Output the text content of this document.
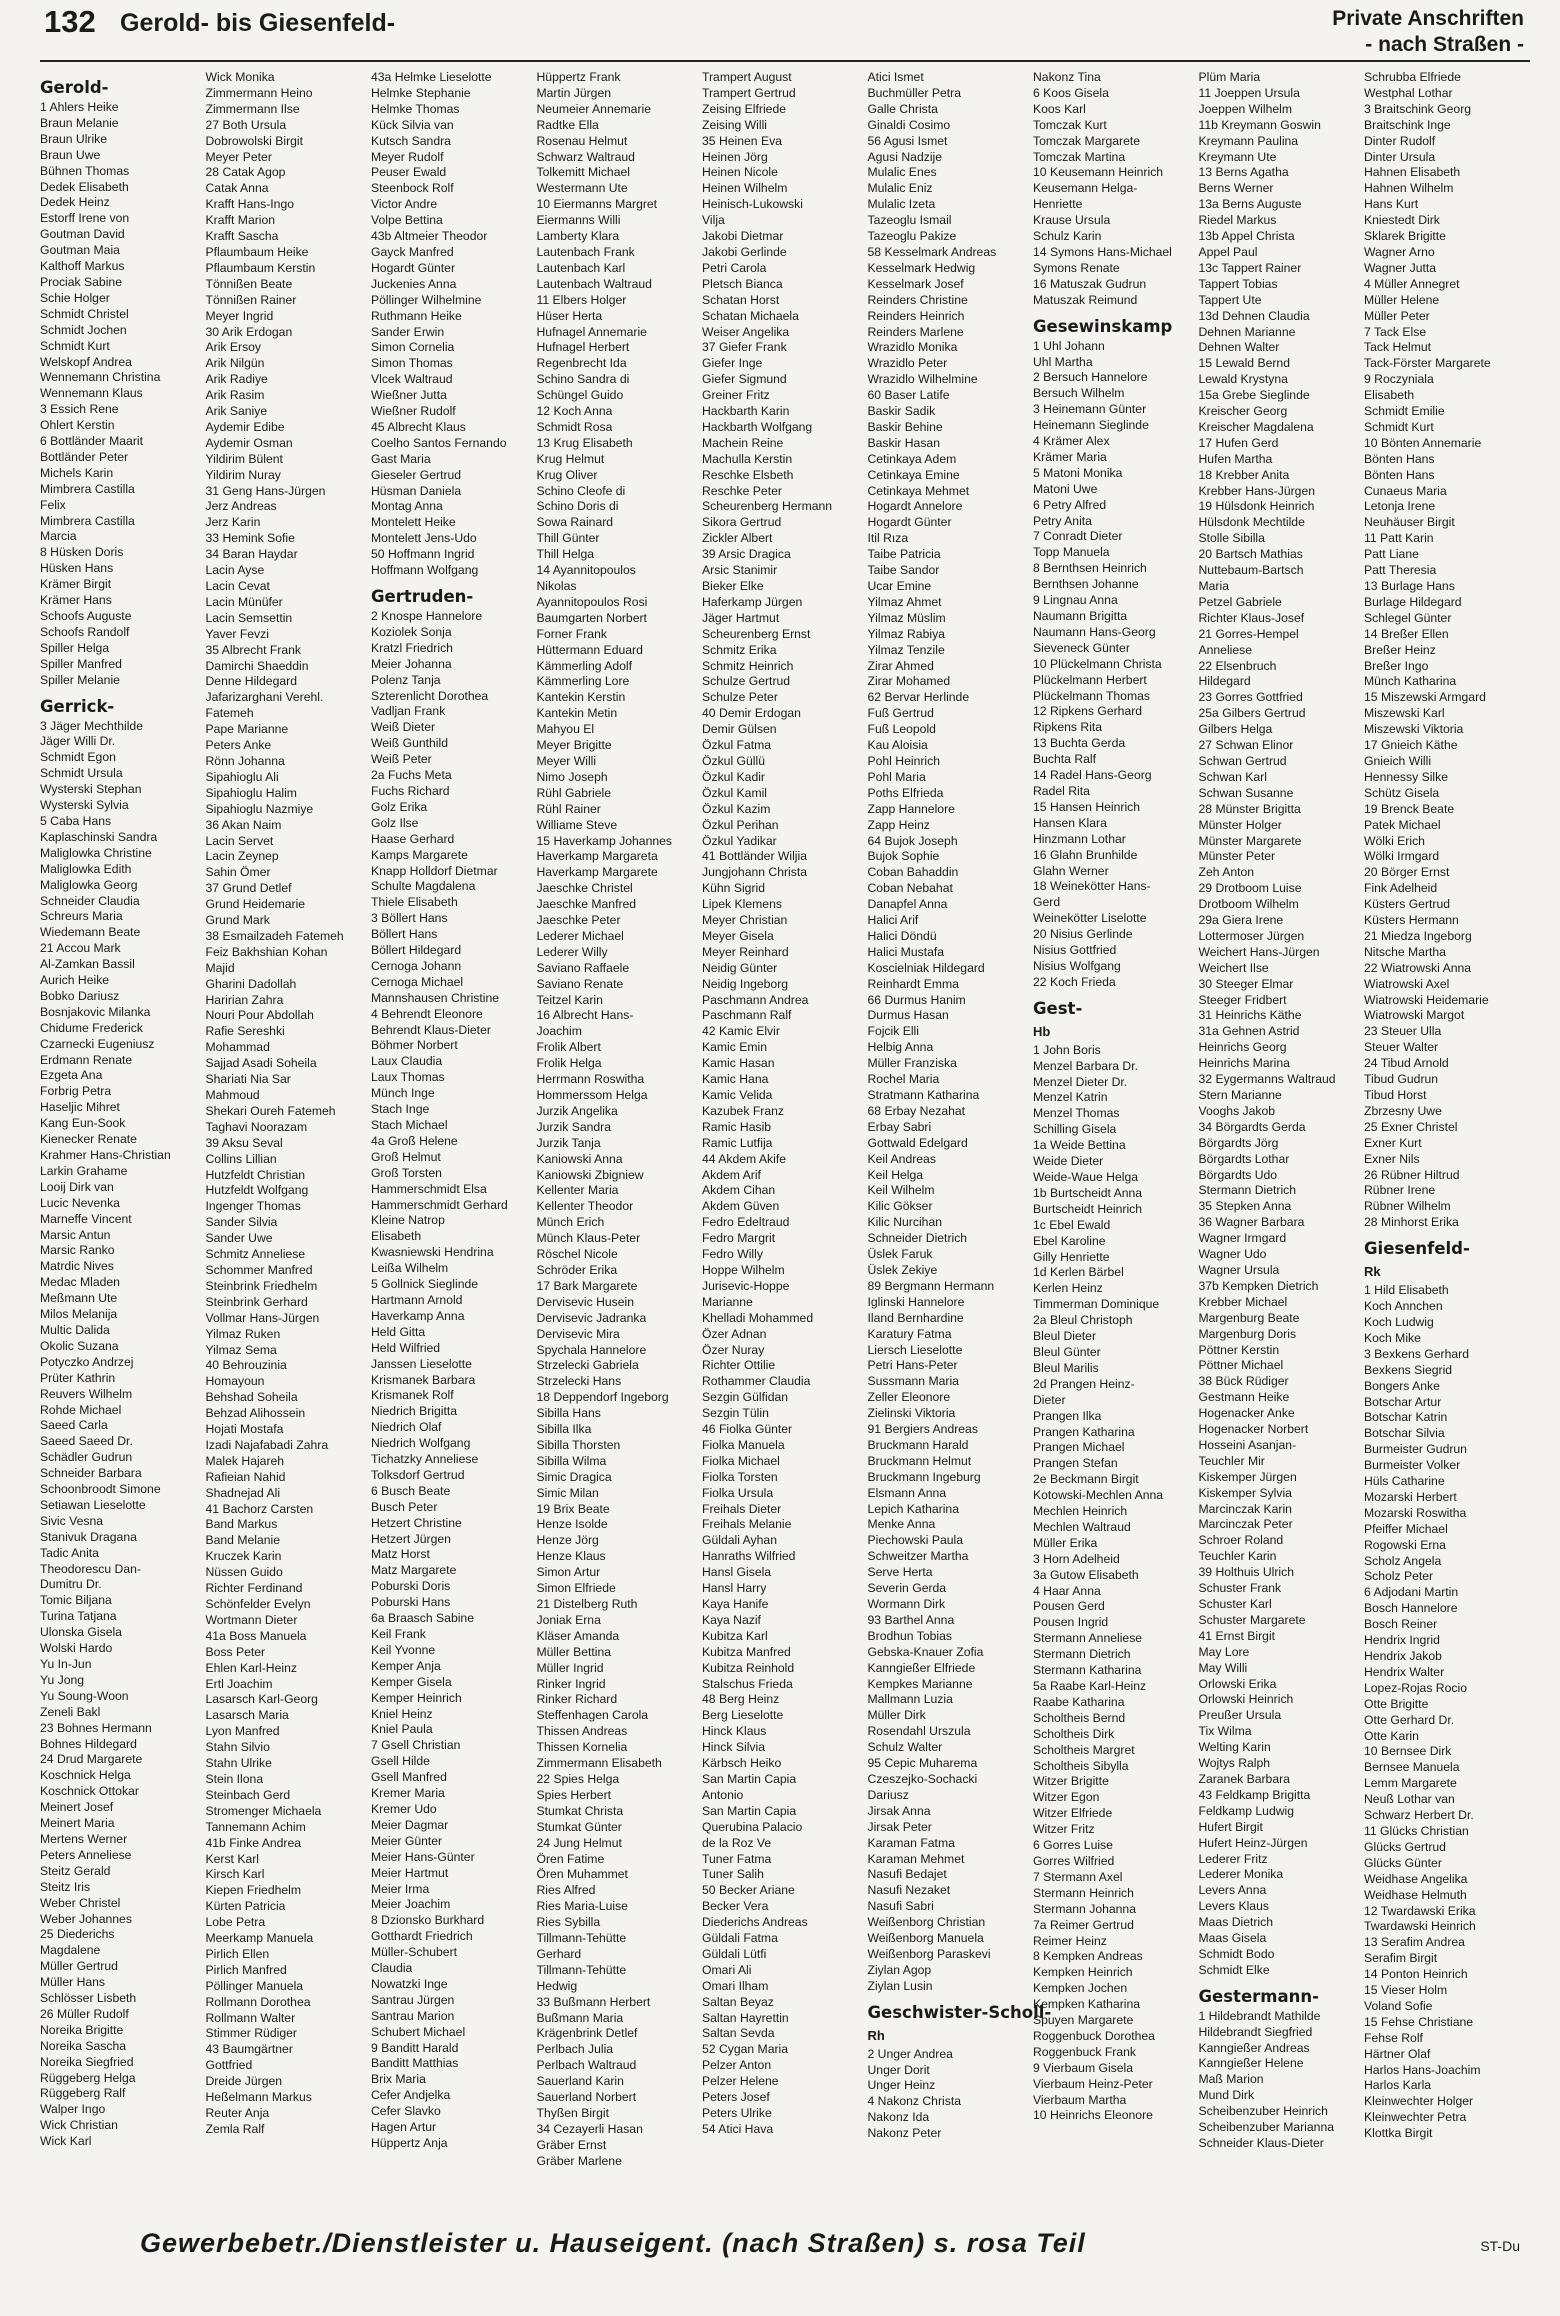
132 Gerold- bis Giesenfeld-	Private Anschriften
- nach Straßen -
Gerold-
1 Ahlers Heike
Braun Melanie
Braun Ulrike
Braun Uwe
Bühnen Thomas
Dedek Elisabeth
Dedek Heinz
Estorff Irene von
Goutman David
Goutman Maia
Kalthoff Markus
Prociak Sabine
Schie Holger
Schmidt Christel
Schmidt Jochen
Schmidt Kurt
Welskopf Andrea
Wennemann Christina
Wennemann Klaus
3 Essich Rene
Ohlert Kerstin
6 Bottländer Maarit
Bottländer Peter
Michels Karin
Mimbrera Castilla
Felix
Mimbrera Castilla
Marcia
8 Hüsken Doris
Hüsken Hans
Krämer Birgit
Krämer Hans
Schoofs Auguste
Schoofs Randolf
Spiller Helga
Spiller Manfred
Spiller Melanie
Gerrick-
3 Jäger Mechthilde
Jäger Willi Dr.
Schmidt Egon
Schmidt Ursula
Wysterski Stephan
Wysterski Sylvia
5 Caba Hans
Kaplaschinski Sandra
Maliglowka Christine
Maliglowka Edith
Maliglowka Georg
Schneider Claudia
Schreurs Maria
Wiedemann Beate
21 Accou Mark
Al-Zamkan Bassil
Aurich Heike
Bobko Dariusz
Bosnjakovic Milanka
Chidume Frederick
Czarnecki Eugeniusz
Erdmann Renate
Ezgeta Ana
Forbrig Petra
Haseljic Mihret
Kang Eun-Sook
Kienecker Renate
Krahmer Hans-Christian
Larkin Grahame
Looij Dirk van
Lucic Nevenka
Marneffe Vincent
Marsic Antun
Marsic Ranko
Matrdic Nives
Medac Mladen
Meßmann Ute
Milos Melanija
Multic Dalida
Okolic Suzana
Potyczko Andrzej
Prüter Kathrin
Reuvers Wilhelm
Rohde Michael
Saeed Carla
Saeed Saeed Dr.
Schädler Gudrun
Schneider Barbara
Schoonbroodt Simone
Setiawan Lieselotte
Sivic Vesna
Stanivuk Dragana
Tadic Anita
Theodorescu Dan-
Dumitru Dr.
Tomic Biljana
Turina Tatjana
Ulonska Gisela
Wolski Hardo
Yu In-Jun
Yu Jong
Yu Soung-Woon
Zeneli Bakl
23 Bohnes Hermann
Bohnes Hildegard
24 Drud Margarete
Koschnick Helga
Koschnick Ottokar
Meinert Josef
Meinert Maria
Mertens Werner
Peters Anneliese
Steitz Gerald
Steitz Iris
Weber Christel
Weber Johannes
25 Diederichs
Magdalene
Müller Gertrud
Müller Hans
Schlösser Lisbeth
26 Müller Rudolf
Noreika Brigitte
Noreika Sascha
Noreika Siegfried
Rüggeberg Helga
Rüggeberg Ralf
Walper Ingo
Wick Christian
Wick Karl
Wick Monika
Zimmermann Heino
Zimmermann Ilse
27 Both Ursula
Dobrowolski Birgit
Meyer Peter
28 Catak Agop
Catak Anna
Krafft Hans-Ingo
Krafft Marion
Krafft Sascha
Pflaumbaum Heike
Pflaumbaum Kerstin
Tönnißen Beate
Tönnißen Rainer
Meyer Ingrid
30 Arik Erdogan
Arik Ersoy
Arik Nilgün
Arik Radiye
Arik Rasim
Arik Saniye
Aydemir Edibe
Aydemir Osman
Yildirim Bülent
Yildirim Nuray
31 Geng Hans-Jürgen
Jerz Andreas
Jerz Karin
33 Hemink Sofie
34 Baran Haydar
Lacin Ayse
Lacin Cevat
Lacin Münüfer
Lacin Semsettin
Yaver Fevzi
35 Albrecht Frank
Damirchi Shaeddin
Denne Hildegard
Jafarizarghani Verehl.
Fatemeh
Pape Marianne
Peters Anke
Rönn Johanna
Sipahioglu Ali
Sipahioglu Halim
Sipahioglu Nazmiye
36 Akan Naim
Lacin Servet
Lacin Zeynep
Sahin Ömer
37 Grund Detlef
Grund Heidemarie
Grund Mark
38 Esmailzadeh Fatemeh
Feiz Bakhshian Kohan
Majid
Gharini Dadollah
Haririan Zahra
Nouri Pour Abdollah
Rafie Sereshki
Mohammad
Sajjad Asadi Soheila
Shariati Nia Sar
Mahmoud
Shekari Oureh Fatemeh
Taghavi Noorazam
39 Aksu Seval
Collins Lillian
Hutzfeldt Christian
Hutzfeldt Wolfgang
Ingenger Thomas
Sander Silvia
Sander Uwe
Schmitz Anneliese
Schommer Manfred
Steinbrink Friedhelm
Steinbrink Gerhard
Vollmar Hans-Jürgen
Yilmaz Ruken
Yilmaz Sema
40 Behrouzinia
Homayoun
Behshad Soheila
Behzad Alihossein
Hojati Mostafa
Izadi Najafabadi Zahra
Malek Hajareh
Rafieian Nahid
Shadnejad Ali
41 Bachorz Carsten
Band Markus
Band Melanie
Kruczek Karin
Nüssen Guido
Richter Ferdinand
Schönfelder Evelyn
Wortmann Dieter
41a Boss Manuela
Boss Peter
Ehlen Karl-Heinz
Ertl Joachim
Lasarsch Karl-Georg
Lasarsch Maria
Lyon Manfred
Stahn Silvio
Stahn Ulrike
Stein Ilona
Steinbach Gerd
Stromenger Michaela
Tannemann Achim
41b Finke Andrea
Kerst Karl
Kirsch Karl
Kiepen Friedhelm
Kürten Patricia
Lobe Petra
Meerkamp Manuela
Pirlich Ellen
Pirlich Manfred
Pöllinger Manuela
Rollmann Dorothea
Rollmann Walter
Stimmer Rüdiger
43 Baumgärtner
Gottfried
Dreide Jürgen
Heßelmann Markus
Reuter Anja
Zemla Ralf
43a Helmke Lieselotte
Helmke Stephanie
Helmke Thomas
Kück Silvia van
Kutsch Sandra
Meyer Rudolf
Peuser Ewald
Steenbock Rolf
Victor Andre
Volpe Bettina
43b Altmeier Theodor
Gayck Manfred
Hogardt Günter
Juckenies Anna
Pöllinger Wilhelmine
Ruthmann Heike
Sander Erwin
Simon Cornelia
Simon Thomas
Vlcek Waltraud
Wießner Jutta
Wießner Rudolf
45 Albrecht Klaus
Coelho Santos Fernando
Gast Maria
Gieseler Gertrud
Hüsman Daniela
Montag Anna
Montelett Heike
Montelett Jens-Udo
50 Hoffmann Ingrid
Hoffmann Wolfgang
Gertruden-
2 Knospe Hannelore
Koziolek Sonja
Kratzl Friedrich
Meier Johanna
Polenz Tanja
Szterenlicht Dorothea
Vadljan Frank
Weiß Dieter
Weiß Gunthild
Weiß Peter
2a Fuchs Meta
Fuchs Richard
Golz Erika
Golz Ilse
Haase Gerhard
Kamps Margarete
Knapp Holldorf Dietmar
Schulte Magdalena
Thiele Elisabeth
3 Böllert Hans
Böllert Hans
Böllert Hildegard
Cernoga Johann
Cernoga Michael
Mannshausen Christine
4 Behrendt Eleonore
Behrendt Klaus-Dieter
Böhmer Norbert
Laux Claudia
Laux Thomas
Münch Inge
Stach Inge
Stach Michael
4a Groß Helene
Groß Helmut
Groß Torsten
Hammerschmidt Elsa
Hammerschmidt Gerhard
Kleine Natrop
Elisabeth
Kwasniewski Hendrina
Leißa Wilhelm
5 Gollnick Sieglinde
Hartmann Arnold
Haverkamp Anna
Held Gitta
Held Wilfried
Janssen Lieselotte
Krismanek Barbara
Krismanek Rolf
Niedrich Brigitta
Niedrich Olaf
Niedrich Wolfgang
Tichatzky Anneliese
Tolksdorf Gertrud
6 Busch Beate
Busch Peter
Hetzert Christine
Hetzert Jürgen
Matz Horst
Matz Margarete
Poburski Doris
Poburski Hans
6a Braasch Sabine
Keil Frank
Keil Yvonne
Kemper Anja
Kemper Gisela
Kemper Heinrich
Kniel Heinz
Kniel Paula
7 Gsell Christian
Gsell Hilde
Gsell Manfred
Kremer Maria
Kremer Udo
Meier Dagmar
Meier Günter
Meier Hans-Günter
Meier Hartmut
Meier Irma
Meier Joachim
8 Dzionsko Burkhard
Gotthardt Friedrich
Müller-Schubert
Claudia
Nowatzki Inge
Santrau Jürgen
Santrau Marion
Schubert Michael
9 Banditt Harald
Banditt Matthias
Brix Maria
Cefer Andjelka
Cefer Slavko
Hagen Artur
Hüppertz Anja
Hüppertz Frank
Martin Jürgen
Neumeier Annemarie
Radtke Ella
Rosenau Helmut
Schwarz Waltraud
Tolkemitt Michael
Westermann Ute
10 Eiermanns Margret
Eiermanns Willi
Lamberty Klara
Lautenbach Frank
Lautenbach Karl
Lautenbach Waltraud
11 Elbers Holger
Hüser Herta
Hufnagel Annemarie
Hufnagel Herbert
Regenbrecht Ida
Schino Sandra di
Schüngel Guido
12 Koch Anna
Schmidt Rosa
13 Krug Elisabeth
Krug Helmut
Krug Oliver
Schino Cleofe di
Schino Doris di
Sowa Rainard
Thill Günter
Thill Helga
14 Ayannitopoulos
Nikolas
Ayannitopoulos Rosi
Baumgarten Norbert
Forner Frank
Hüttermann Eduard
Kämmerling Adolf
Kämmerling Lore
Kantekin Kerstin
Kantekin Metin
Mahyou El
Meyer Brigitte
Meyer Willi
Nimo Joseph
Rühl Gabriele
Rühl Rainer
Williame Steve
15 Haverkamp Johannes
Haverkamp Margareta
Haverkamp Margarete
Jaeschke Christel
Jaeschke Manfred
Jaeschke Peter
Lederer Michael
Lederer Willy
Saviano Raffaele
Saviano Renate
Teitzel Karin
16 Albrecht Hans-
Joachim
Frolik Albert
Frolik Helga
Herrmann Roswitha
Hommerssom Helga
Jurzik Angelika
Jurzik Sandra
Jurzik Tanja
Kaniowski Anna
Kaniowski Zbigniew
Kellenter Maria
Kellenter Theodor
Münch Erich
Münch Klaus-Peter
Röschel Nicole
Schröder Erika
17 Bark Margarete
Dervisevic Husein
Dervisevic Jadranka
Dervisevic Mira
Spychala Hannelore
Strzelecki Gabriela
Strzelecki Hans
18 Deppendorf Ingeborg
Sibilla Hans
Sibilla Ilka
Sibilla Thorsten
Sibilla Wilma
Simic Dragica
Simic Milan
19 Brix Beate
Henze Isolde
Henze Jörg
Henze Klaus
Simon Artur
Simon Elfriede
21 Distelberg Ruth
Joniak Erna
Kläser Amanda
Müller Bettina
Müller Ingrid
Rinker Ingrid
Rinker Richard
Steffenhagen Carola
Thissen Andreas
Thissen Kornelia
Zimmermann Elisabeth
22 Spies Helga
Spies Herbert
Stumkat Christa
Stumkat Günter
24 Jung Helmut
Ören Fatime
Ören Muhammet
Ries Alfred
Ries Maria-Luise
Ries Sybilla
Tillmann-Tehütte
Gerhard
Tillmann-Tehütte
Hedwig
33 Bußmann Herbert
Bußmann Maria
Krägenbrink Detlef
Perlbach Julia
Perlbach Waltraud
Sauerland Karin
Sauerland Norbert
Thyßen Birgit
34 Cezayerli Hasan
Gräber Ernst
Gräber Marlene
Trampert August
Trampert Gertrud
Zeising Elfriede
Zeising Willi
35 Heinen Eva
Heinen Jörg
Heinen Nicole
Heinen Wilhelm
Heinisch-Lukowski
Vilja
Jakobi Dietmar
Jakobi Gerlinde
Petri Carola
Pletsch Bianca
Schatan Horst
Schatan Michaela
Weiser Angelika
37 Giefer Frank
Giefer Inge
Giefer Sigmund
Greiner Fritz
Hackbarth Karin
Hackbarth Wolfgang
Machein Reine
Machulla Kerstin
Reschke Elsbeth
Reschke Peter
Scheurenberg Hermann
Sikora Gertrud
Zickler Albert
39 Arsic Dragica
Arsic Stanimir
Bieker Elke
Haferkamp Jürgen
Jäger Hartmut
Scheurenberg Ernst
Schmitz Erika
Schmitz Heinrich
Schulze Gertrud
Schulze Peter
40 Demir Erdogan
Demir Gülsen
Özkul Fatma
Özkul Güllü
Özkul Kadir
Özkul Kamil
Özkul Kazim
Özkul Perihan
Özkul Yadikar
41 Bottländer Wiljia
Jungjohann Christa
Kühn Sigrid
Lipek Klemens
Meyer Christian
Meyer Gisela
Meyer Reinhard
Neidig Günter
Neidig Ingeborg
Paschmann Andrea
Paschmann Ralf
42 Kamic Elvir
Kamic Emin
Kamic Hasan
Kamic Hana
Kamic Velida
Kazubek Franz
Ramic Hasib
Ramic Lutfija
44 Akdem Akife
Akdem Arif
Akdem Cihan
Akdem Güven
Fedro Edeltraud
Fedro Margrit
Fedro Willy
Hoppe Wilhelm
Jurisevic-Hoppe
Marianne
Khelladi Mohammed
Özer Adnan
Özer Nuray
Richter Ottilie
Rothammer Claudia
Sezgin Gülfidan
Sezgin Tülin
46 Fiolka Günter
Fiolka Manuela
Fiolka Michael
Fiolka Torsten
Fiolka Ursula
Freihals Dieter
Freihals Melanie
Güldali Ayhan
Hanraths Wilfried
Hansl Gisela
Hansl Harry
Kaya Hanife
Kaya Nazif
Kubitza Karl
Kubitza Manfred
Kubitza Reinhold
Stalschus Frieda
48 Berg Heinz
Berg Lieselotte
Hinck Klaus
Hinck Silvia
Kärbsch Heiko
San Martin Capia
Antonio
San Martin Capia
Querubina Palacio
de la Roz Ve
Tuner Fatma
Tuner Salih
50 Becker Ariane
Becker Vera
Diederichs Andreas
Güldali Fatma
Güldali Lütfi
Omari Ali
Omari Ilham
Saltan Beyaz
Saltan Hayrettin
Saltan Sevda
52 Cygan Maria
Pelzer Anton
Pelzer Helene
Peters Josef
Peters Ulrike
54 Atici Hava
Atici Ismet
Buchmüller Petra
Galle Christa
Ginaldi Cosimo
56 Agusi Ismet
Agusi Nadzije
Mulalic Enes
Mulalic Eniz
Mulalic Izeta
Tazeoglu Ismail
Tazeoglu Pakize
58 Kesselmark Andreas
Kesselmark Hedwig
Kesselmark Josef
Reinders Christine
Reinders Heinrich
Reinders Marlene
Wrazidlo Monika
Wrazidlo Peter
Wrazidlo Wilhelmine
60 Baser Latife
Baskir Sadik
Baskir Behine
Baskir Hasan
Cetinkaya Adem
Cetinkaya Emine
Cetinkaya Mehmet
Hogardt Annelore
Hogardt Günter
Itil Rıza
Taibe Patricia
Taibe Sandor
Ucar Emine
Yilmaz Ahmet
Yilmaz Müslim
Yilmaz Rabiya
Yilmaz Tenzile
Zirar Ahmed
Zirar Mohamed
62 Bervar Herlinde
Fuß Gertrud
Fuß Leopold
Kau Aloisia
Pohl Heinrich
Pohl Maria
Poths Elfrieda
Zapp Hannelore
Zapp Heinz
64 Bujok Joseph
Bujok Sophie
Coban Bahaddin
Coban Nebahat
Danapfel Anna
Halici Arif
Halici Döndü
Halici Mustafa
Koscielniak Hildegard
Reinhardt Emma
66 Durmus Hanim
Durmus Hasan
Fojcik Elli
Helbig Anna
Müller Franziska
Rochel Maria
Stratmann Katharina
68 Erbay Nezahat
Erbay Sabri
Gottwald Edelgard
Keil Andreas
Keil Helga
Keil Wilhelm
Kilic Gökser
Kilic Nurcihan
Schneider Dietrich
Üslek Faruk
Üslek Zekiye
89 Bergmann Hermann
Iglinski Hannelore
Iland Bernhardine
Karatury Fatma
Liersch Lieselotte
Petri Hans-Peter
Sussmann Maria
Zeller Eleonore
Zielinski Viktoria
91 Bergiers Andreas
Bruckmann Harald
Bruckmann Helmut
Bruckmann Ingeburg
Elsmann Anna
Lepich Katharina
Menke Anna
Piechowski Paula
Schweitzer Martha
Serve Herta
Severin Gerda
Wormann Dirk
93 Barthel Anna
Brodhun Tobias
Gebska-Knauer Zofia
Kanngießer Elfriede
Kempkes Marianne
Mallmann Luzia
Müller Dirk
Rosendahl Urszula
Schulz Walter
95 Cepic Muharema
Czeszejko-Sochacki
Dariusz
Jirsak Anna
Jirsak Peter
Karaman Fatma
Karaman Mehmet
Nasufi Bedajet
Nasufi Nezaket
Nasufi Sabri
Weißenborg Christian
Weißenborg Manuela
Weißenborg Paraskevi
Ziylan Agop
Ziylan Lusin
Geschwister-Scholl-
Rh
2 Unger Andrea
Unger Dorit
Unger Heinz
4 Nakonz Christa
Nakonz Ida
Nakonz Peter
Nakonz Tina
6 Koos Gisela
Koos Karl
Tomczak Kurt
Tomczak Margarete
Tomczak Martina
10 Keusemann Heinrich
Keusemann Helga-
Henriette
Krause Ursula
Schulz Karin
14 Symons Hans-Michael
Symons Renate
16 Matuszak Gudrun
Matuszak Reimund
Gesewinskamp
1 Uhl Johann
Uhl Martha
2 Bersuch Hannelore
Bersuch Wilhelm
3 Heinemann Günter
Heinemann Sieglinde
4 Krämer Alex
Krämer Maria
5 Matoni Monika
Matoni Uwe
6 Petry Alfred
Petry Anita
7 Conradt Dieter
Topp Manuela
8 Bernthsen Heinrich
Bernthsen Johanne
9 Lingnau Anna
Naumann Brigitta
Naumann Hans-Georg
Sieveneck Günter
10 Plückelmann Christa
Plückelmann Herbert
Plückelmann Thomas
12 Ripkens Gerhard
Ripkens Rita
13 Buchta Gerda
Buchta Ralf
14 Radel Hans-Georg
Radel Rita
15 Hansen Heinrich
Hansen Klara
Hinzmann Lothar
16 Glahn Brunhilde
Glahn Werner
18 Weinekötter Hans-
Gerd
Weinekötter Liselotte
20 Nisius Gerlinde
Nisius Gottfried
Nisius Wolfgang
22 Koch Frieda
Gest-
Hb
1 John Boris
Menzel Barbara Dr.
Menzel Dieter Dr.
Menzel Katrin
Menzel Thomas
Schilling Gisela
1a Weide Bettina
Weide Dieter
Weide-Waue Helga
1b Burtscheidt Anna
Burtscheidt Heinrich
1c Ebel Ewald
Ebel Karoline
Gilly Henriette
1d Kerlen Bärbel
Kerlen Heinz
Timmerman Dominique
2a Bleul Christoph
Bleul Dieter
Bleul Günter
Bleul Marilis
2d Prangen Heinz-
Dieter
Prangen Ilka
Prangen Katharina
Prangen Michael
Prangen Stefan
2e Beckmann Birgit
Kotowski-Mechlen Anna
Mechlen Heinrich
Mechlen Waltraud
Müller Erika
3 Horn Adelheid
3a Gutow Elisabeth
4 Haar Anna
Pousen Gerd
Pousen Ingrid
Stermann Anneliese
Stermann Dietrich
Stermann Katharina
5a Raabe Karl-Heinz
Raabe Katharina
Scholtheis Bernd
Scholtheis Dirk
Scholtheis Margret
Scholtheis Sibylla
Witzer Brigitte
Witzer Egon
Witzer Elfriede
Witzer Fritz
6 Gorres Luise
Gorres Wilfried
7 Stermann Axel
Stermann Heinrich
Stermann Johanna
7a Reimer Gertrud
Reimer Heinz
8 Kempken Andreas
Kempken Heinrich
Kempken Jochen
Kempken Katharina
Spuyen Margarete
Roggenbuck Dorothea
Roggenbuck Frank
9 Vierbaum Gisela
Vierbaum Heinz-Peter
Vierbaum Martha
10 Heinrichs Eleonore
Plüm Maria
11 Joeppen Ursula
Joeppen Wilhelm
11b Kreymann Goswin
Kreymann Paulina
Kreymann Ute
13 Berns Agatha
Berns Werner
13a Berns Auguste
Riedel Markus
13b Appel Christa
Appel Paul
13c Tappert Rainer
Tappert Tobias
Tappert Ute
13d Dehnen Claudia
Dehnen Marianne
Dehnen Walter
15 Lewald Bernd
Lewald Krystyna
15a Grebe Sieglinde
Kreischer Georg
Kreischer Magdalena
17 Hufen Gerd
Hufen Martha
18 Krebber Anita
Krebber Hans-Jürgen
19 Hülsdonk Heinrich
Hülsdonk Mechtilde
Stolle Sibilla
20 Bartsch Mathias
Nuttebaum-Bartsch
Maria
Petzel Gabriele
Richter Klaus-Josef
21 Gorres-Hempel
Anneliese
22 Elsenbruch
Hildegard
23 Gorres Gottfried
25a Gilbers Gertrud
Gilbers Helga
27 Schwan Elinor
Schwan Gertrud
Schwan Karl
Schwan Susanne
28 Münster Brigitta
Münster Holger
Münster Margarete
Münster Peter
Zeh Anton
29 Drotboom Luise
Drotboom Wilhelm
29a Giera Irene
Lottermoser Jürgen
Weichert Hans-Jürgen
Weichert Ilse
30 Steeger Elmar
Steeger Fridbert
31 Heinrichs Käthe
31a Gehnen Astrid
Heinrichs Georg
Heinrichs Marina
32 Eygermanns Waltraud
Stern Marianne
Vooghs Jakob
34 Börgardts Gerda
Börgardts Jörg
Börgardts Lothar
Börgardts Udo
Stermann Dietrich
35 Stepken Anna
36 Wagner Barbara
Wagner Irmgard
Wagner Udo
Wagner Ursula
37b Kempken Dietrich
Krebber Michael
Margenburg Beate
Margenburg Doris
Pöttner Kerstin
Pöttner Michael
38 Bück Rüdiger
Gestmann Heike
Hogenacker Anke
Hogenacker Norbert
Hosseini Asanjan-
Teuchler Mir
Kiskemper Jürgen
Kiskemper Sylvia
Marcinczak Karin
Marcinczak Peter
Schroer Roland
Teuchler Karin
39 Holthuis Ulrich
Schuster Frank
Schuster Karl
Schuster Margarete
41 Ernst Birgit
May Lore
May Willi
Orlowski Erika
Orlowski Heinrich
Preußer Ursula
Tix Wilma
Welting Karin
Wojtys Ralph
Zaranek Barbara
43 Feldkamp Brigitta
Feldkamp Ludwig
Hufert Birgit
Hufert Heinz-Jürgen
Lederer Fritz
Lederer Monika
Levers Anna
Levers Klaus
Maas Dietrich
Maas Gisela
Schmidt Bodo
Schmidt Elke
Gestermann-
1 Hildebrandt Mathilde
Hildebrandt Siegfried
Kanngießer Andreas
Kanngießer Helene
Maß Marion
Mund Dirk
Scheibenzuber Heinrich
Scheibenzuber Marianna
Schneider Klaus-Dieter
Schrubba Elfriede
Westphal Lothar
3 Braitschink Georg
Braitschink Inge
Dinter Rudolf
Dinter Ursula
Hahnen Elisabeth
Hahnen Wilhelm
Hans Kurt
Kniestedt Dirk
Sklarek Brigitte
Wagner Arno
Wagner Jutta
4 Müller Annegret
Müller Helene
Müller Peter
7 Tack Else
Tack Helmut
Tack-Förster Margarete
9 Roczyniala
Elisabeth
Schmidt Emilie
Schmidt Kurt
10 Bönten Annemarie
Bönten Hans
Bönten Hans
Cunaeus Maria
Letonja Irene
Neuhäuser Birgit
11 Patt Karin
Patt Liane
Patt Theresia
13 Burlage Hans
Burlage Hildegard
Schlegel Günter
14 Breßer Ellen
Breßer Heinz
Breßer Ingo
Münch Katharina
15 Miszewski Armgard
Miszewski Karl
Miszewski Viktoria
17 Gnieich Käthe
Gnieich Willi
Hennessy Silke
Schütz Gisela
19 Brenck Beate
Patek Michael
Wölki Erich
Wölki Irmgard
20 Börger Ernst
Fink Adelheid
Küsters Gertrud
Küsters Hermann
21 Miedza Ingeborg
Nitsche Martha
22 Wiatrowski Anna
Wiatrowski Axel
Wiatrowski Heidemarie
Wiatrowski Margot
23 Steuer Ulla
Steuer Walter
24 Tibud Arnold
Tibud Gudrun
Tibud Horst
Zbrzesny Uwe
25 Exner Christel
Exner Kurt
Exner Nils
26 Rübner Hiltrud
Rübner Irene
Rübner Wilhelm
28 Minhorst Erika
Giesenfeld-
Rk
1 Hild Elisabeth
Koch Annchen
Koch Ludwig
Koch Mike
3 Bexkens Gerhard
Bexkens Siegrid
Bongers Anke
Botschar Artur
Botschar Katrin
Botschar Silvia
Burmeister Gudrun
Burmeister Volker
Hüls Catharine
Mozarski Herbert
Mozarski Roswitha
Pfeiffer Michael
Rogowski Erna
Scholz Angela
Scholz Peter
6 Adjodani Martin
Bosch Hannelore
Bosch Reiner
Hendrix Ingrid
Hendrix Jakob
Hendrix Walter
Lopez-Rojas Rocio
Otte Brigitte
Otte Gerhard Dr.
Otte Karin
10 Bernsee Dirk
Bernsee Manuela
Lemm Margarete
Neuß Lothar van
Schwarz Herbert Dr.
11 Glücks Christian
Glücks Gertrud
Glücks Günter
Weidhase Angelika
Weidhase Helmuth
12 Twardawski Erika
Twardawski Heinrich
13 Serafim Andrea
Serafim Birgit
14 Ponton Heinrich
15 Vieser Holm
Voland Sofie
15 Fehse Christiane
Fehse Rolf
Härtner Olaf
Harlos Hans-Joachim
Harlos Karla
Kleinwechter Holger
Kleinwechter Petra
Klottka Birgit
Gewerbebetr./Dienstleister u. Hauseigent. (nach Straßen) s. rosa Teil	ST-Du
